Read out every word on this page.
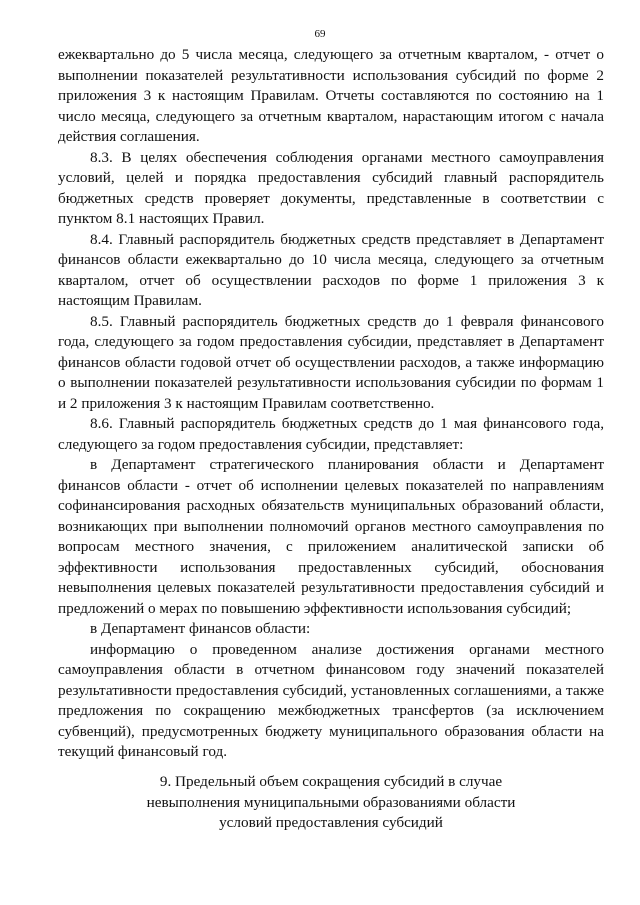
69

ежеквартально до 5 числа месяца, следующего за отчетным кварталом, - отчет о выполнении показателей результативности использования субсидий по форме 2 приложения 3 к настоящим Правилам. Отчеты составляются по состоянию на 1 число месяца, следующего за отчетным кварталом, нарастающим итогом с начала действия соглашения.

8.3. В целях обеспечения соблюдения органами местного самоуправления условий, целей и порядка предоставления субсидий главный распорядитель бюджетных средств проверяет документы, представленные в соответствии с пунктом 8.1 настоящих Правил.

8.4. Главный распорядитель бюджетных средств представляет в Департамент финансов области ежеквартально до 10 числа месяца, следующего за отчетным кварталом, отчет об осуществлении расходов по форме 1 приложения 3 к настоящим Правилам.

8.5. Главный распорядитель бюджетных средств до 1 февраля финансового года, следующего за годом предоставления субсидии, представляет в Департамент финансов области годовой отчет об осуществлении расходов, а также информацию о выполнении показателей результативности использования субсидии по формам 1 и 2 приложения 3 к настоящим Правилам соответственно.

8.6. Главный распорядитель бюджетных средств до 1 мая финансового года, следующего за годом предоставления субсидии, представляет:

в Департамент стратегического планирования области и Департамент финансов области - отчет об исполнении целевых показателей по направлениям софинансирования расходных обязательств муниципальных образований области, возникающих при выполнении полномочий органов местного самоуправления по вопросам местного значения, с приложением аналитической записки об эффективности использования предоставленных субсидий, обоснования невыполнения целевых показателей результативности предоставления субсидий и предложений о мерах по повышению эффективности использования субсидий;

в Департамент финансов области:

информацию о проведенном анализе достижения органами местного самоуправления области в отчетном финансовом году значений показателей результативности предоставления субсидий, установленных соглашениями, а также предложения по сокращению межбюджетных трансфертов (за исключением субвенций), предусмотренных бюджету муниципального образования области на текущий финансовый год.

9. Предельный объем сокращения субсидий в случае
невыполнения муниципальными образованиями области
условий предоставления субсидий
